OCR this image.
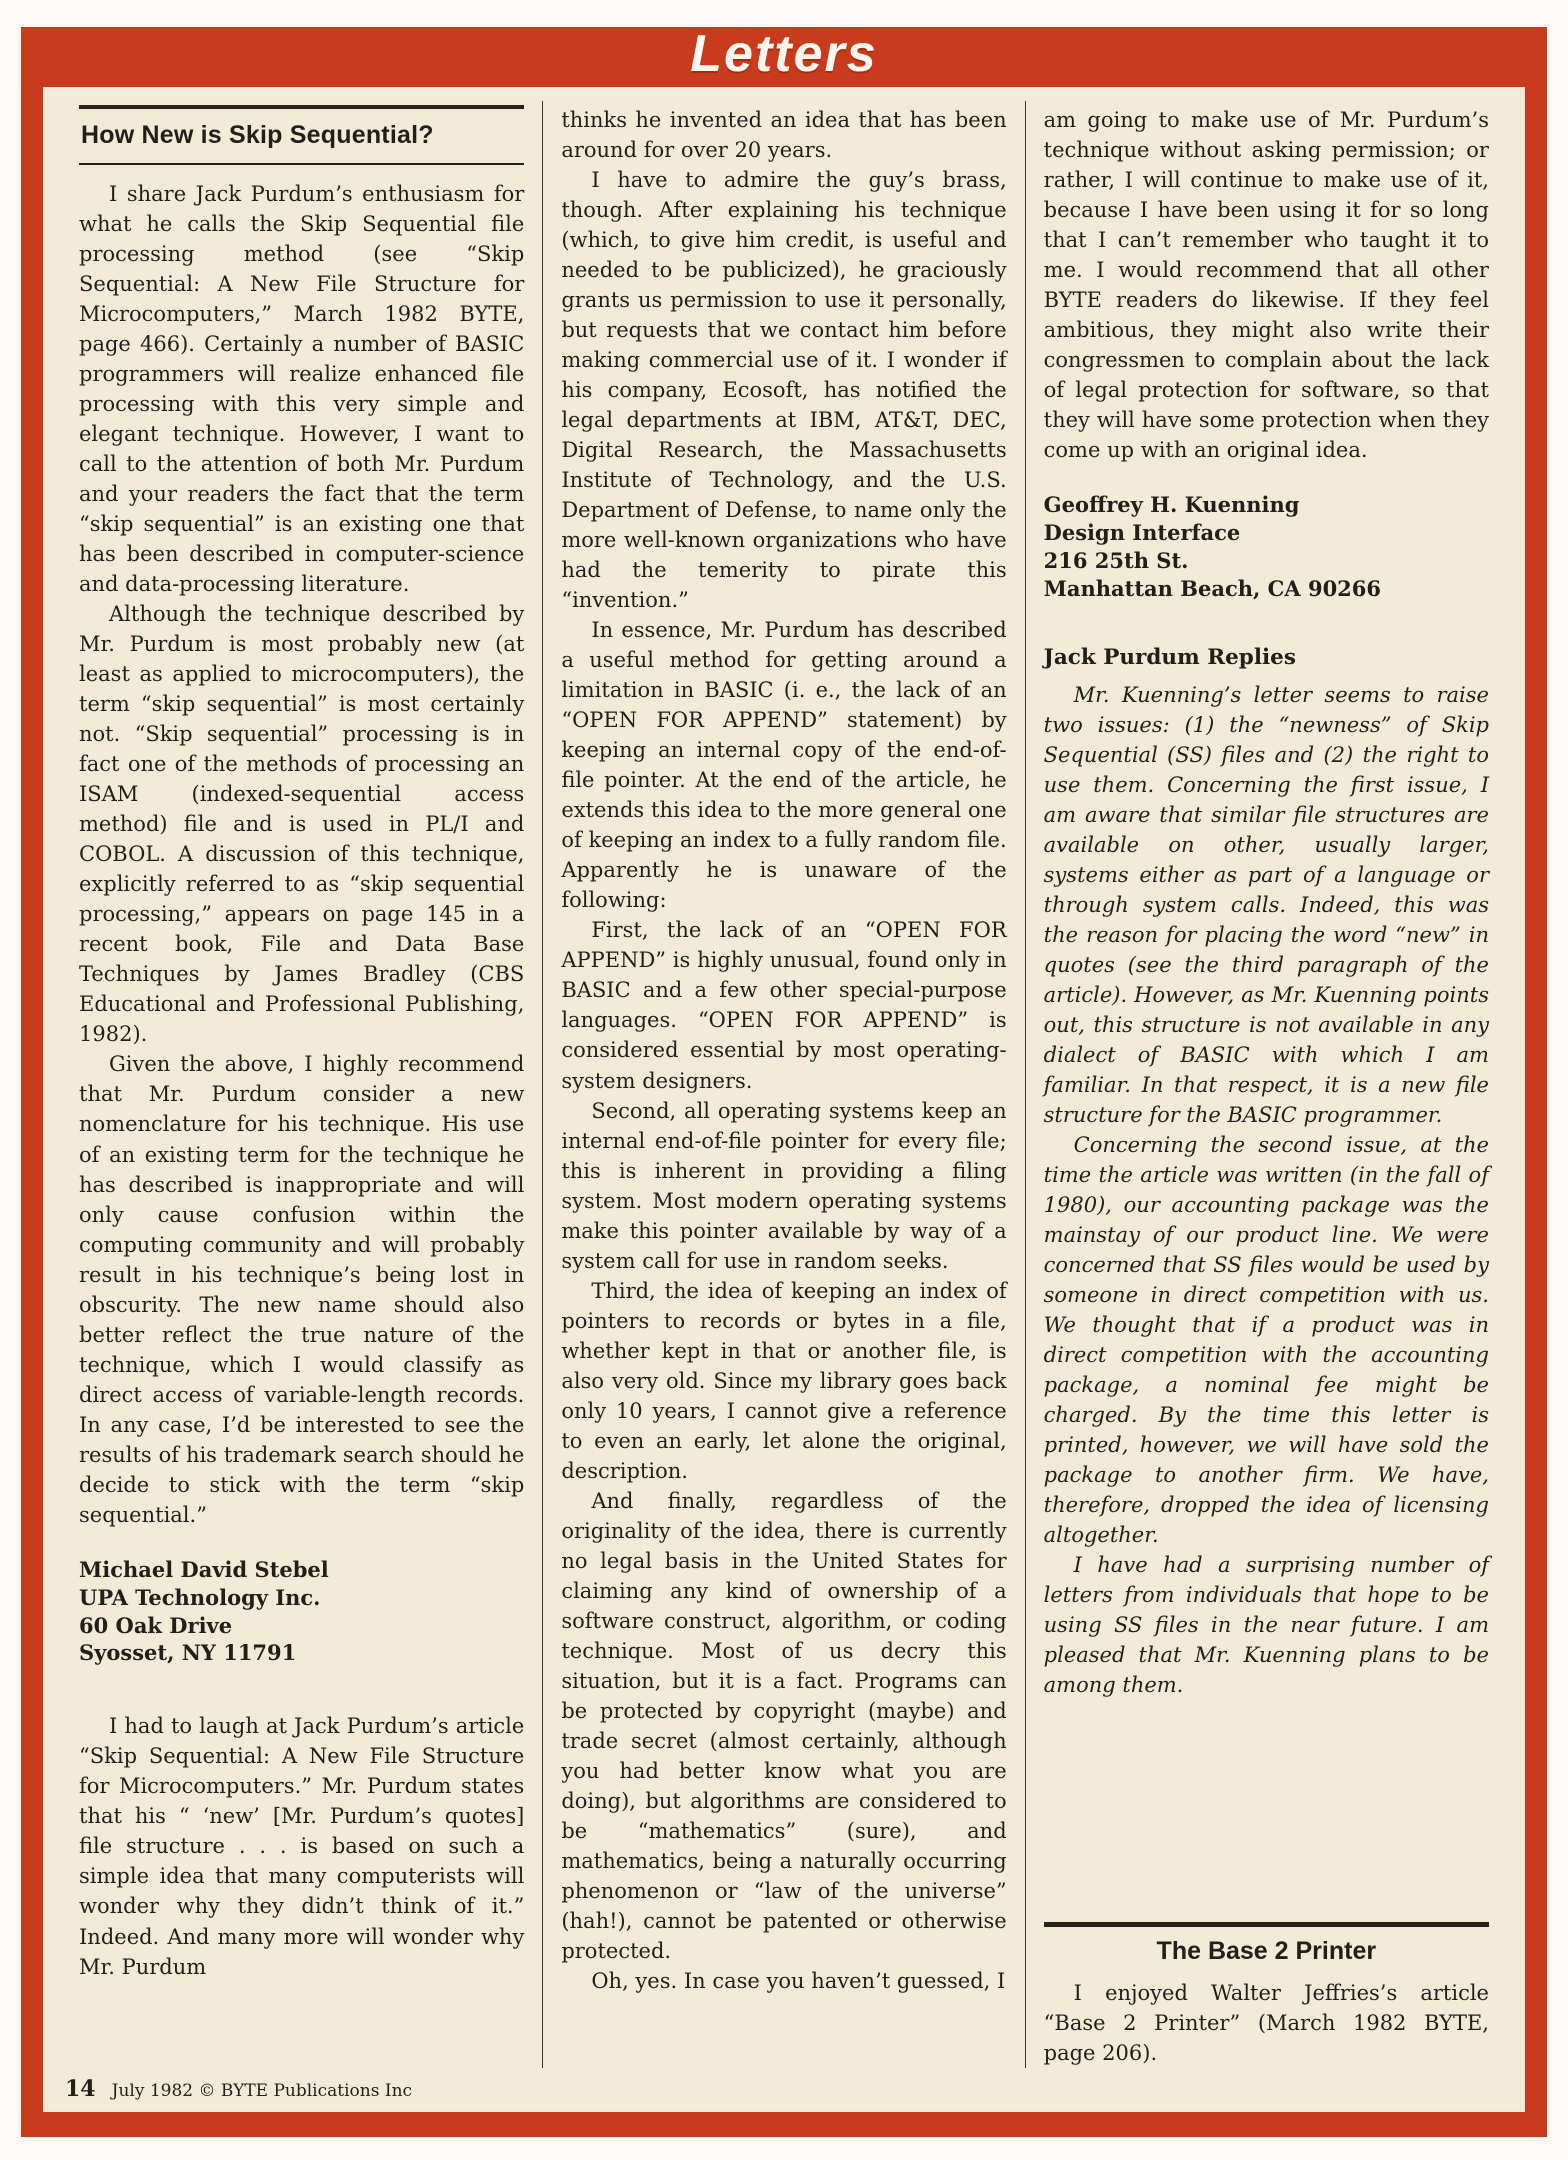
Letters
How New is Skip Sequential?

I share Jack Purdum’s enthusiasm for what he calls the Skip Sequential file processing method (see “Skip Sequential: A New File Structure for Microcomputers,” March 1982 BYTE, page 466). Certainly a number of BASIC programmers will realize enhanced file processing with this very simple and elegant technique. However, I want to call to the attention of both Mr. Purdum and your readers the fact that the term “skip sequential” is an existing one that has been described in computer-science and data-processing literature.

Although the technique described by Mr. Purdum is most probably new (at least as applied to microcomputers), the term “skip sequential” is most certainly not. “Skip sequential” processing is in fact one of the methods of processing an ISAM (indexed-sequential access method) file and is used in PL/I and COBOL. A discussion of this technique, explicitly referred to as “skip sequential processing,” appears on page 145 in a recent book, File and Data Base Techniques by James Bradley (CBS Educational and Professional Publishing, 1982).

Given the above, I highly recommend that Mr. Purdum consider a new nomenclature for his technique. His use of an existing term for the technique he has described is inappropriate and will only cause confusion within the computing community and will probably result in his technique’s being lost in obscurity. The new name should also better reflect the true nature of the technique, which I would classify as direct access of variable-length records. In any case, I’d be interested to see the results of his trademark search should he decide to stick with the term “skip sequential.”

Michael David Stebel
UPA Technology Inc.
60 Oak Drive
Syosset, NY 11791

I had to laugh at Jack Purdum’s article “Skip Sequential: A New File Structure for Microcomputers.” Mr. Purdum states that his “ ‘new’ [Mr. Purdum’s quotes] file structure . . . is based on such a simple idea that many computerists will wonder why they didn’t think of it.” Indeed. And many more will wonder why Mr. Purdum

thinks he invented an idea that has been around for over 20 years.

I have to admire the guy’s brass, though. After explaining his technique (which, to give him credit, is useful and needed to be publicized), he graciously grants us permission to use it personally, but requests that we contact him before making commercial use of it. I wonder if his company, Ecosoft, has notified the legal departments at IBM, AT&T, DEC, Digital Research, the Massachusetts Institute of Technology, and the U.S. Department of Defense, to name only the more well-known organizations who have had the temerity to pirate this “invention.”

In essence, Mr. Purdum has described a useful method for getting around a limitation in BASIC (i. e., the lack of an “OPEN FOR APPEND” statement) by keeping an internal copy of the end-of-file pointer. At the end of the article, he extends this idea to the more general one of keeping an index to a fully random file. Apparently he is unaware of the following:

First, the lack of an “OPEN FOR APPEND” is highly unusual, found only in BASIC and a few other special-purpose languages. “OPEN FOR APPEND” is considered essential by most operating-system designers.

Second, all operating systems keep an internal end-of-file pointer for every file; this is inherent in providing a filing system. Most modern operating systems make this pointer available by way of a system call for use in random seeks.

Third, the idea of keeping an index of pointers to records or bytes in a file, whether kept in that or another file, is also very old. Since my library goes back only 10 years, I cannot give a reference to even an early, let alone the original, description.

And finally, regardless of the originality of the idea, there is currently no legal basis in the United States for claiming any kind of ownership of a software construct, algorithm, or coding technique. Most of us decry this situation, but it is a fact. Programs can be protected by copyright (maybe) and trade secret (almost certainly, although you had better know what you are doing), but algorithms are considered to be “mathematics” (sure), and mathematics, being a naturally occurring phenomenon or “law of the universe” (hah!), cannot be patented or otherwise protected.

Oh, yes. In case you haven’t guessed, I

am going to make use of Mr. Purdum’s technique without asking permission; or rather, I will continue to make use of it, because I have been using it for so long that I can’t remember who taught it to me. I would recommend that all other BYTE readers do likewise. If they feel ambitious, they might also write their congressmen to complain about the lack of legal protection for software, so that they will have some protection when they come up with an original idea.

Geoffrey H. Kuenning
Design Interface
216 25th St.
Manhattan Beach, CA 90266
Jack Purdum Replies

Mr. Kuenning’s letter seems to raise two issues: (1) the “newness” of Skip Sequential (SS) files and (2) the right to use them. Concerning the first issue, I am aware that similar file structures are available on other, usually larger, systems either as part of a language or through system calls. Indeed, this was the reason for placing the word “new” in quotes (see the third paragraph of the article). However, as Mr. Kuenning points out, this structure is not available in any dialect of BASIC with which I am familiar. In that respect, it is a new file structure for the BASIC programmer.

Concerning the second issue, at the time the article was written (in the fall of 1980), our accounting package was the mainstay of our product line. We were concerned that SS files would be used by someone in direct competition with us. We thought that if a product was in direct competition with the accounting package, a nominal fee might be charged. By the time this letter is printed, however, we will have sold the package to another firm. We have, therefore, dropped the idea of licensing altogether.

I have had a surprising number of letters from individuals that hope to be using SS files in the near future. I am pleased that Mr. Kuenning plans to be among them.

The Base 2 Printer

I enjoyed Walter Jeffries’s article “Base 2 Printer” (March 1982 BYTE, page 206).

14 July 1982 © BYTE Publications Inc
